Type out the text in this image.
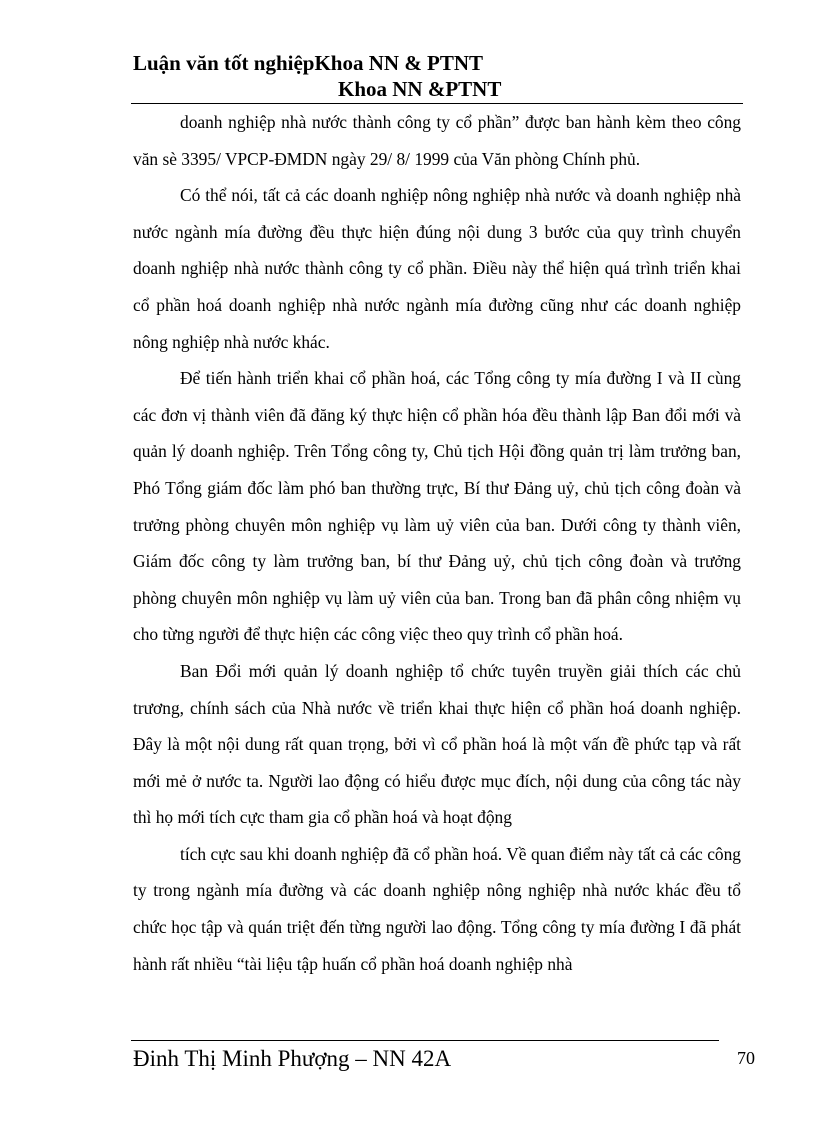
Luận văn tốt nghiệpKhoa NN & PTNT
Khoa NN &PTNT

doanh nghiệp nhà nước thành công ty cổ phần” được ban hành kèm theo công văn sè 3395/ VPCP-ĐMDN ngày 29/ 8/ 1999 của Văn phòng Chính phủ.

Có thể nói, tất cả các doanh nghiệp nông nghiệp nhà nước và doanh nghiệp nhà nước ngành mía đường đều thực hiện đúng nội dung 3 bước của quy trình chuyển doanh nghiệp nhà nước thành công ty cổ phần. Điều này thể hiện quá trình triển khai cổ phần hoá doanh nghiệp nhà nước ngành mía đường cũng như các doanh nghiệp nông nghiệp nhà nước khác.

Để tiến hành triển khai cổ phần hoá, các Tổng công ty mía đường I và II cùng các đơn vị thành viên đã đăng ký thực hiện cổ phần hóa đều thành lập Ban đổi mới và quản lý doanh nghiệp. Trên Tổng công ty, Chủ tịch Hội đồng quản trị làm trưởng ban, Phó Tổng giám đốc làm phó ban thường trực, Bí thư Đảng uỷ, chủ tịch công đoàn và trưởng phòng chuyên môn nghiệp vụ làm uỷ viên của ban. Dưới công ty thành viên, Giám đốc công ty làm trưởng ban, bí thư Đảng uỷ, chủ tịch công đoàn và trưởng phòng chuyên môn nghiệp vụ làm uỷ viên của ban. Trong ban đã phân công nhiệm vụ cho từng người để thực hiện các công việc theo quy trình cổ phần hoá.

Ban Đổi mới quản lý doanh nghiệp tổ chức tuyên truyền giải thích các chủ trương, chính sách của Nhà nước về triển khai thực hiện cổ phần hoá doanh nghiệp. Đây là một nội dung rất quan trọng, bởi vì cổ phần hoá là một vấn đề phức tạp và rất mới mẻ ở nước ta. Người lao động có hiểu được mục đích, nội dung của công tác này thì họ mới tích cực tham gia cổ phần hoá và hoạt động

tích cực sau khi doanh nghiệp đã cổ phần hoá. Về quan điểm này tất cả các công ty trong ngành mía đường và các doanh nghiệp nông nghiệp nhà nước khác đều tổ chức học tập và quán triệt đến từng người lao động. Tổng công ty mía đường I đã phát hành rất nhiều “tài liệu tập huấn cổ phần hoá doanh nghiệp nhà

Đinh Thị Minh Phượng – NN 42A	70
